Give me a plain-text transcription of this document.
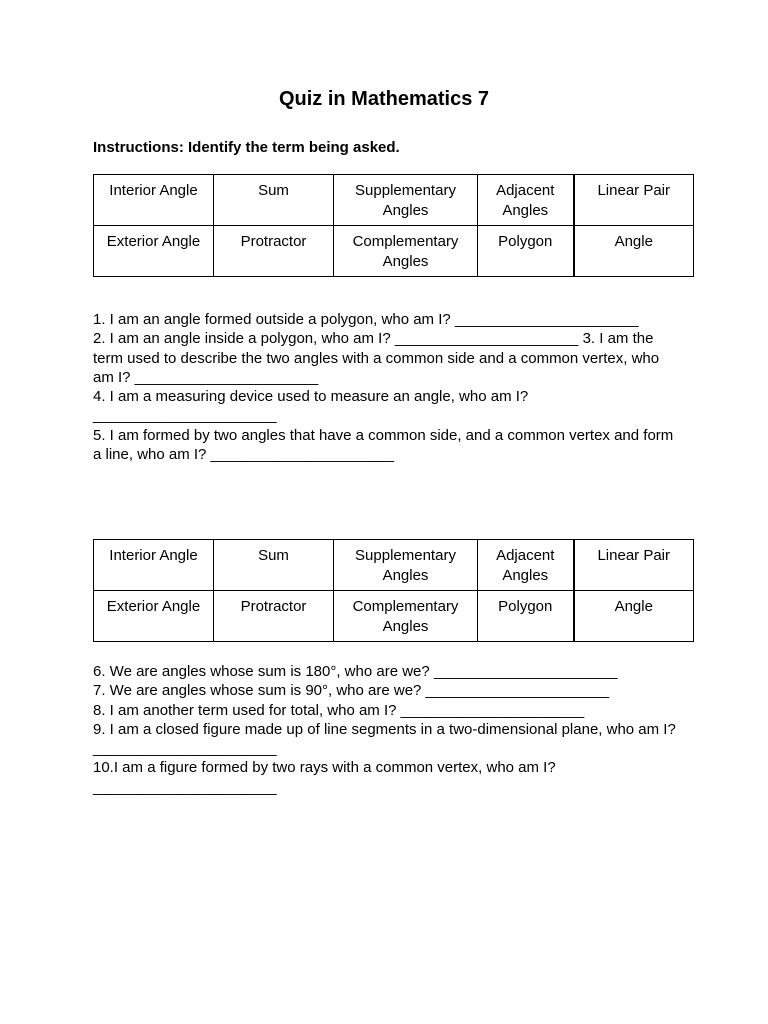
Quiz in Mathematics 7

Instructions: Identify the term being asked.

Interior Angle	Sum	Supplementary Angles	Adjacent Angles	Linear Pair
Exterior Angle	Protractor	Complementary Angles	Polygon	Angle

1. I am an angle formed outside a polygon, who am I? ______________________

2. I am an angle inside a polygon, who am I? ______________________ 3. I am the term used to describe the two angles with a common side and a common vertex, who am I? ______________________

4. I am a measuring device used to measure an angle, who am I? ______________________

5. I am formed by two angles that have a common side, and a common vertex and form a line, who am I? ______________________

Interior Angle	Sum	Supplementary Angles	Adjacent Angles	Linear Pair
Exterior Angle	Protractor	Complementary Angles	Polygon	Angle

6. We are angles whose sum is 180°, who are we? ______________________

7. We are angles whose sum is 90°, who are we? ______________________

8. I am another term used for total, who am I? ______________________

9. I am a closed figure made up of line segments in a two-dimensional plane, who am I? ______________________

10.I am a figure formed by two rays with a common vertex, who am I? ______________________
